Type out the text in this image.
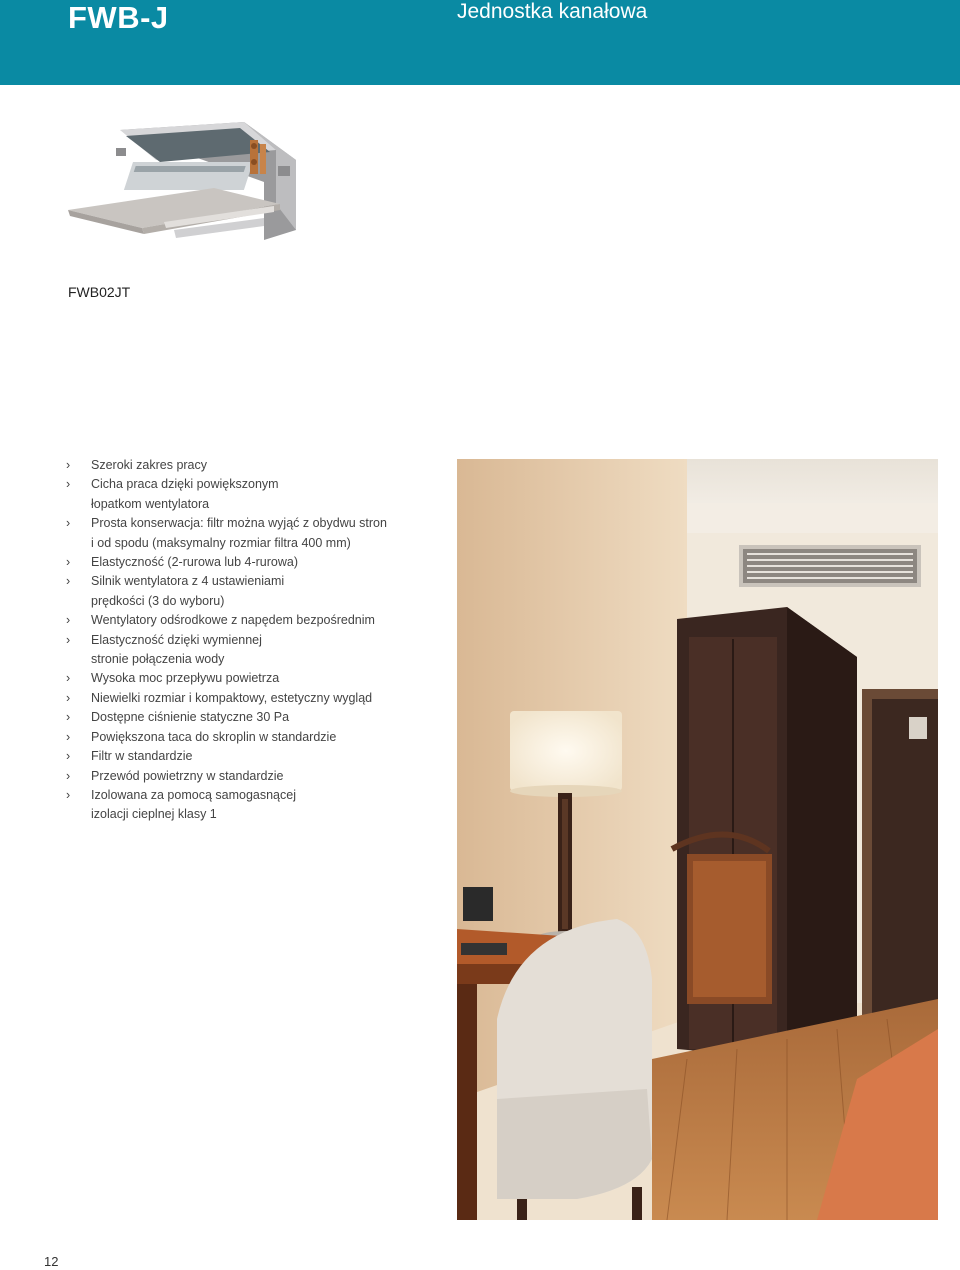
FWB-J	Jednostka kanałowa
FWB02JT
› Szeroki zakres pracy
› Cicha praca dzięki powiększonym
łopatkom wentylatora
› Prosta konserwacja: filtr można wyjąć z obydwu stron
i od spodu (maksymalny rozmiar filtra 400 mm)
› Elastyczność (2-rurowa lub 4-rurowa)
› Silnik wentylatora z 4 ustawieniami
prędkości (3 do wyboru)
› Wentylatory odśrodkowe z napędem bezpośrednim
› Elastyczność dzięki wymiennej
stronie połączenia wody
› Wysoka moc przepływu powietrza
› Niewielki rozmiar i kompaktowy, estetyczny wygląd
› Dostępne ciśnienie statyczne 30 Pa
› Powiększona taca do skroplin w standardzie
› Filtr w standardzie
› Przewód powietrzny w standardzie
› Izolowana za pomocą samogasnącej
izolacji cieplnej klasy 1
12
